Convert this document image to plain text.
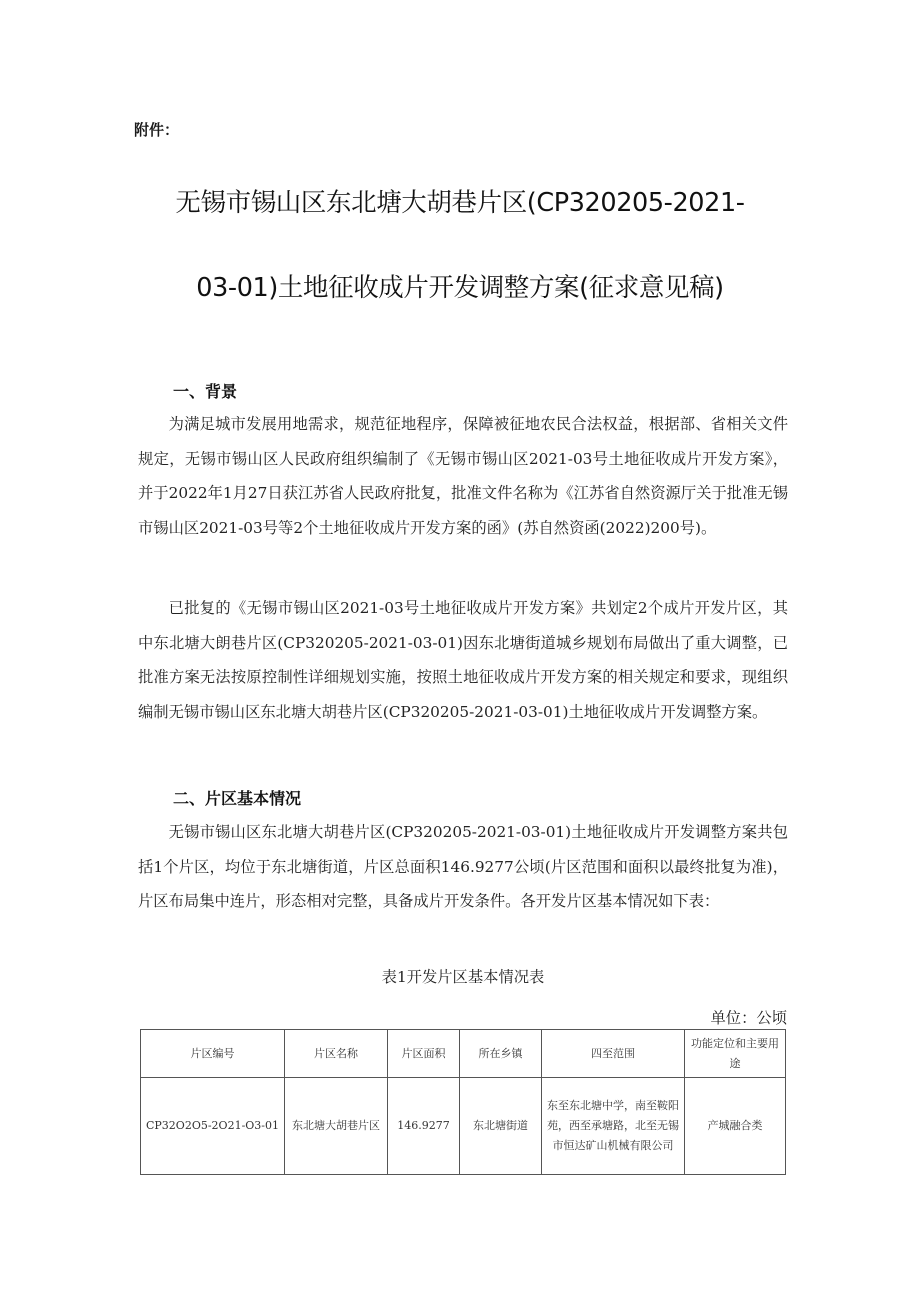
附件：
无锡市锡山区东北塘大胡巷片区(CP320205-2021-
03-01)土地征收成片开发调整方案(征求意见稿)
一、背景

为满足城市发展用地需求，规范征地程序，保障被征地农民合法权益，根据部、省相关文件规定，无锡市锡山区人民政府组织编制了《无锡市锡山区2021-03号土地征收成片开发方案》，并于2022年1月27日获江苏省人民政府批复，批准文件名称为《江苏省自然资源厅关于批准无锡市锡山区2021-03号等2个土地征收成片开发方案的函》(苏自然资函(2022)200号)。

已批复的《无锡市锡山区2021-03号土地征收成片开发方案》共划定2个成片开发片区，其中东北塘大朗巷片区(CP320205-2021-03-01)因东北塘街道城乡规划布局做出了重大调整，已批准方案无法按原控制性详细规划实施，按照土地征收成片开发方案的相关规定和要求，现组织编制无锡市锡山区东北塘大胡巷片区(CP320205-2021-03-01)土地征收成片开发调整方案。

二、片区基本情况

无锡市锡山区东北塘大胡巷片区(CP320205-2021-03-01)土地征收成片开发调整方案共包括1个片区，均位于东北塘街道，片区总面积146.9277公顷(片区范围和面积以最终批复为准)，片区布局集中连片，形态相对完整，具备成片开发条件。各开发片区基本情况如下表：

表1开发片区基本情况表
单位：公顷
片区编号	片区名称	片区面积	所在乡镇	四至范围	功能定位和主要用途
CP32O2O5-2O21-O3-01	东北塘大胡巷片区	146.9277	东北塘街道	东至东北塘中学，南至鞍阳苑，西至承塘路，北至无锡市恒达矿山机械有限公司	产城融合类
